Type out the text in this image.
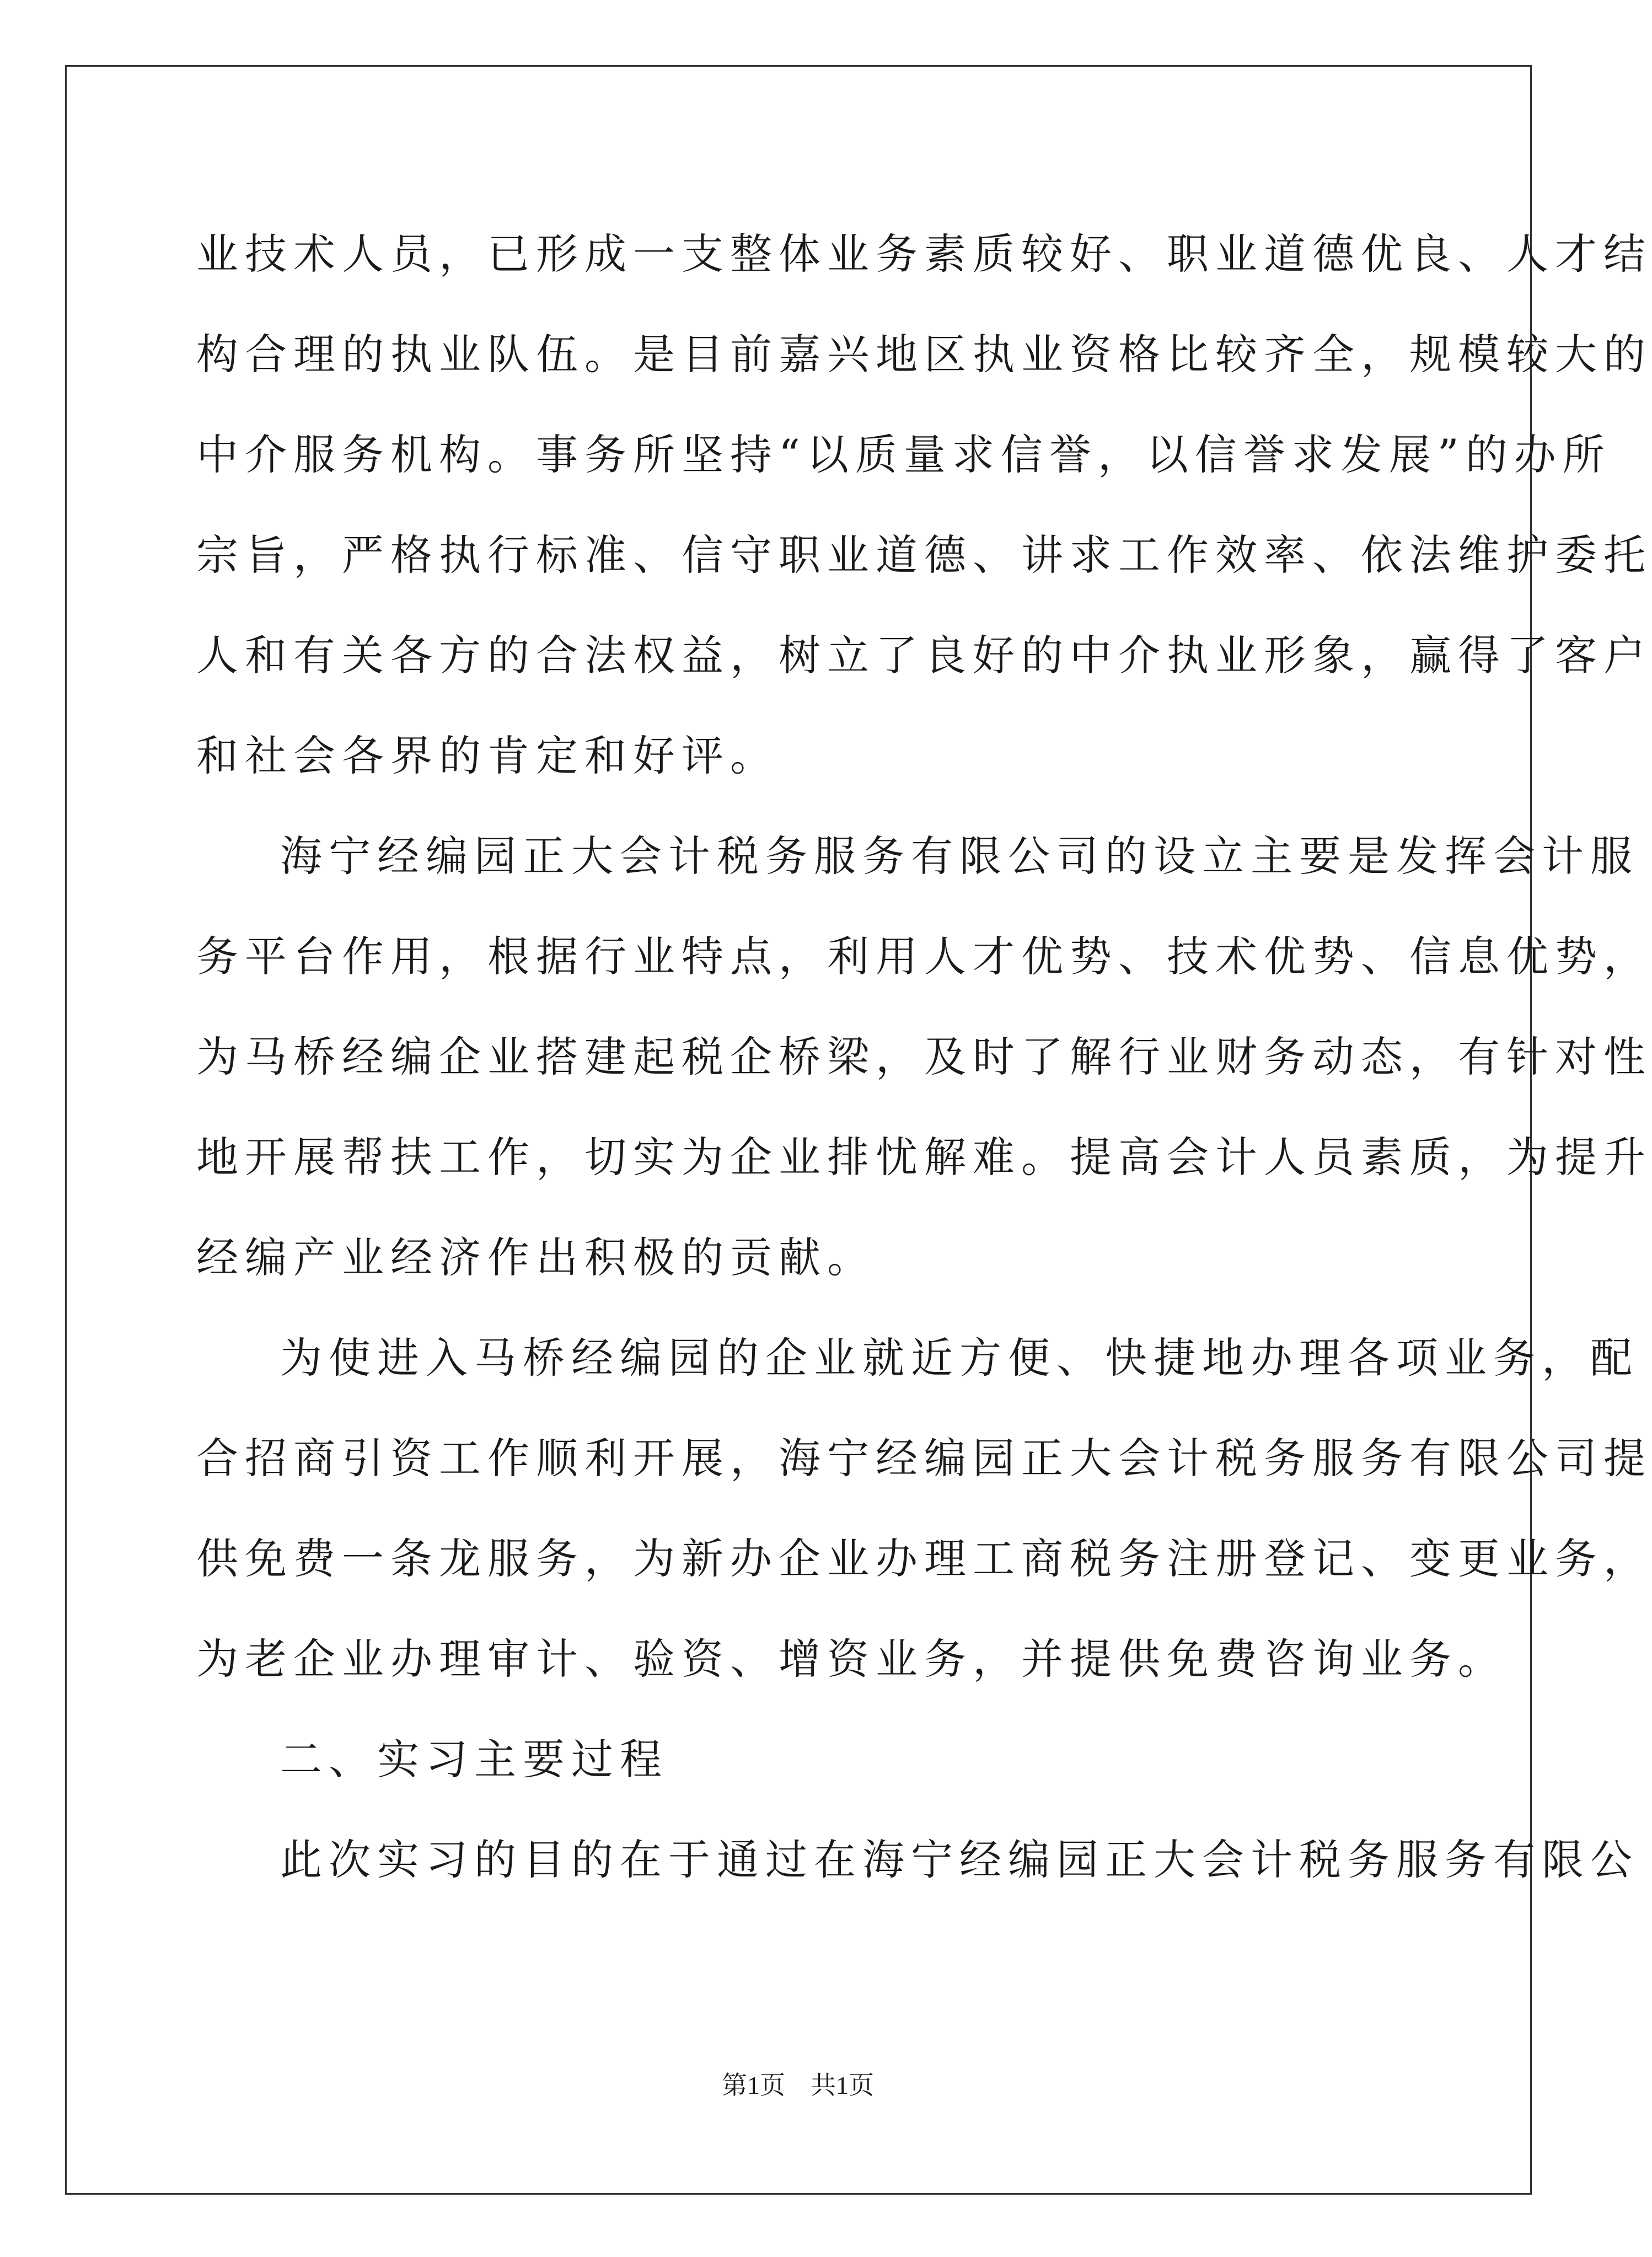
业技术人员，已形成一支整体业务素质较好、职业道德优良、人才结
构合理的执业队伍。是目前嘉兴地区执业资格比较齐全，规模较大的
中介服务机构。事务所坚持“以质量求信誉，以信誉求发展”的办所
宗旨，严格执行标准、信守职业道德、讲求工作效率、依法维护委托
人和有关各方的合法权益，树立了良好的中介执业形象，赢得了客户
和社会各界的肯定和好评。
海宁经编园正大会计税务服务有限公司的设立主要是发挥会计服
务平台作用，根据行业特点，利用人才优势、技术优势、信息优势，
为马桥经编企业搭建起税企桥梁，及时了解行业财务动态，有针对性
地开展帮扶工作，切实为企业排忧解难。提高会计人员素质，为提升
经编产业经济作出积极的贡献。
为使进入马桥经编园的企业就近方便、快捷地办理各项业务，配
合招商引资工作顺利开展，海宁经编园正大会计税务服务有限公司提
供免费一条龙服务，为新办企业办理工商税务注册登记、变更业务，
为老企业办理审计、验资、增资业务，并提供免费咨询业务。
二、实习主要过程
此次实习的目的在于通过在海宁经编园正大会计税务服务有限公
第1页　共1页
